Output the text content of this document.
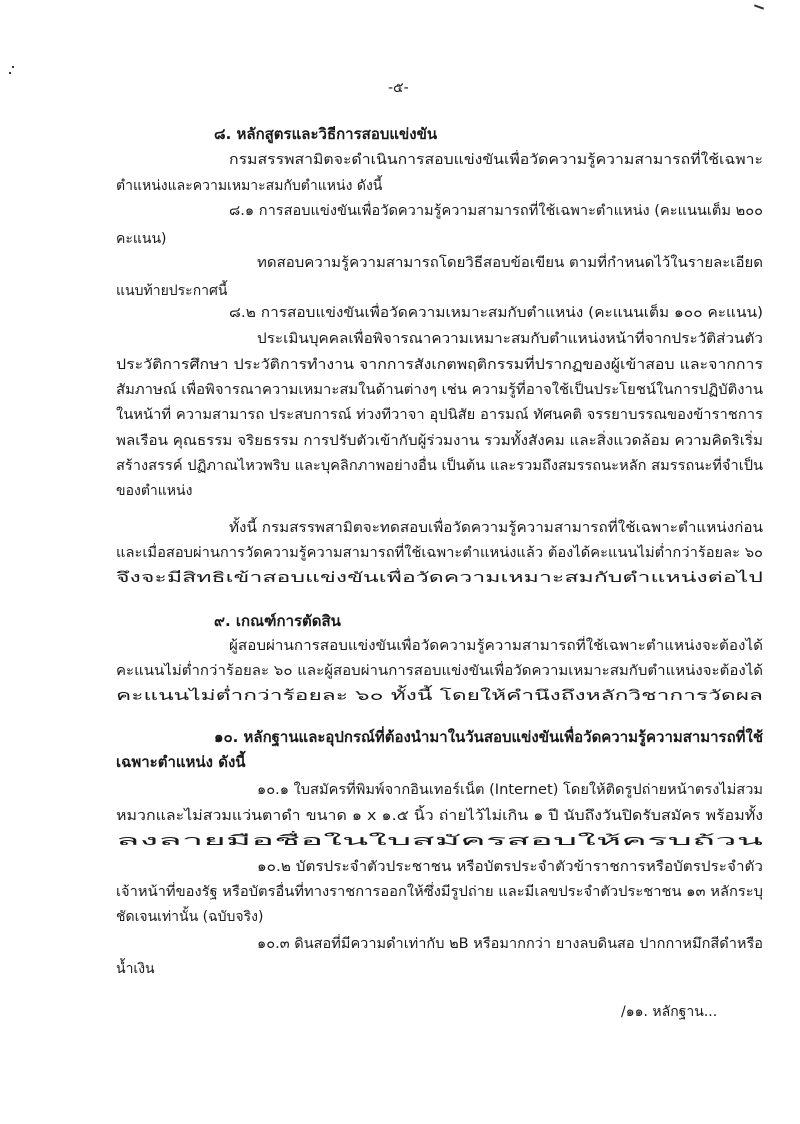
-๕-
๘. หลักสูตรและวิธีการสอบแข่งขัน
กรมสรรพสามิตจะดำเนินการสอบแข่งขันเพื่อวัดความรู้ความสามารถที่ใช้เฉพาะ
ตำแหน่งและความเหมาะสมกับตำแหน่ง ดังนี้
๘.๑ การสอบแข่งขันเพื่อวัดความรู้ความสามารถที่ใช้เฉพาะตำแหน่ง (คะแนนเต็ม ๒๐๐
คะแนน)
ทดสอบความรู้ความสามารถโดยวิธีสอบข้อเขียน ตามที่กำหนดไว้ในรายละเอียด
แนบท้ายประกาศนี้
๘.๒ การสอบแข่งขันเพื่อวัดความเหมาะสมกับตำแหน่ง (คะแนนเต็ม ๑๐๐ คะแนน)
ประเมินบุคคลเพื่อพิจารณาความเหมาะสมกับตำแหน่งหน้าที่จากประวัติส่วนตัว
ประวัติการศึกษา ประวัติการทำงาน จากการสังเกตพฤติกรรมที่ปรากฏของผู้เข้าสอบ และจากการ
สัมภาษณ์ เพื่อพิจารณาความเหมาะสมในด้านต่างๆ เช่น ความรู้ที่อาจใช้เป็นประโยชน์ในการปฏิบัติงาน
ในหน้าที่ ความสามารถ ประสบการณ์ ท่วงทีวาจา อุปนิสัย อารมณ์ ทัศนคติ จรรยาบรรณของข้าราชการ
พลเรือน คุณธรรม จริยธรรม การปรับตัวเข้ากับผู้ร่วมงาน รวมทั้งสังคม และสิ่งแวดล้อม ความคิดริเริ่ม
สร้างสรรค์ ปฏิภาณไหวพริบ และบุคลิกภาพอย่างอื่น เป็นต้น และรวมถึงสมรรถนะหลัก สมรรถนะที่จำเป็น
ของตำแหน่ง
ทั้งนี้ กรมสรรพสามิตจะทดสอบเพื่อวัดความรู้ความสามารถที่ใช้เฉพาะตำแหน่งก่อน
และเมื่อสอบผ่านการวัดความรู้ความสามารถที่ใช้เฉพาะตำแหน่งแล้ว ต้องได้คะแนนไม่ต่ำกว่าร้อยละ ๖๐
จึงจะมีสิทธิเข้าสอบแข่งขันเพื่อวัดความเหมาะสมกับตำแหน่งต่อไป
๙. เกณฑ์การตัดสิน
ผู้สอบผ่านการสอบแข่งขันเพื่อวัดความรู้ความสามารถที่ใช้เฉพาะตำแหน่งจะต้องได้
คะแนนไม่ต่ำกว่าร้อยละ ๖๐ และผู้สอบผ่านการสอบแข่งขันเพื่อวัดความเหมาะสมกับตำแหน่งจะต้องได้
คะแนนไม่ต่ำกว่าร้อยละ ๖๐ ทั้งนี้ โดยให้คำนึงถึงหลักวิชาการวัดผล
๑๐. หลักฐานและอุปกรณ์ที่ต้องนำมาในวันสอบแข่งขันเพื่อวัดความรู้ความสามารถที่ใช้
เฉพาะตำแหน่ง ดังนี้
๑๐.๑ ใบสมัครที่พิมพ์จากอินเทอร์เน็ต (Internet) โดยให้ติดรูปถ่ายหน้าตรงไม่สวม
หมวกและไม่สวมแว่นตาดำ ขนาด ๑ x ๑.๕ นิ้ว ถ่ายไว้ไม่เกิน ๑ ปี นับถึงวันปิดรับสมัคร พร้อมทั้ง
ลงลายมือชื่อในใบสมัครสอบให้ครบถ้วน
๑๐.๒ บัตรประจำตัวประชาชน หรือบัตรประจำตัวข้าราชการหรือบัตรประจำตัว
เจ้าหน้าที่ของรัฐ หรือบัตรอื่นที่ทางราชการออกให้ซึ่งมีรูปถ่าย และมีเลขประจำตัวประชาชน ๑๓ หลักระบุ
ชัดเจนเท่านั้น (ฉบับจริง)
๑๐.๓ ดินสอที่มีความดำเท่ากับ ๒B หรือมากกว่า ยางลบดินสอ ปากกาหมึกสีดำหรือ
น้ำเงิน
/๑๑. หลักฐาน...
